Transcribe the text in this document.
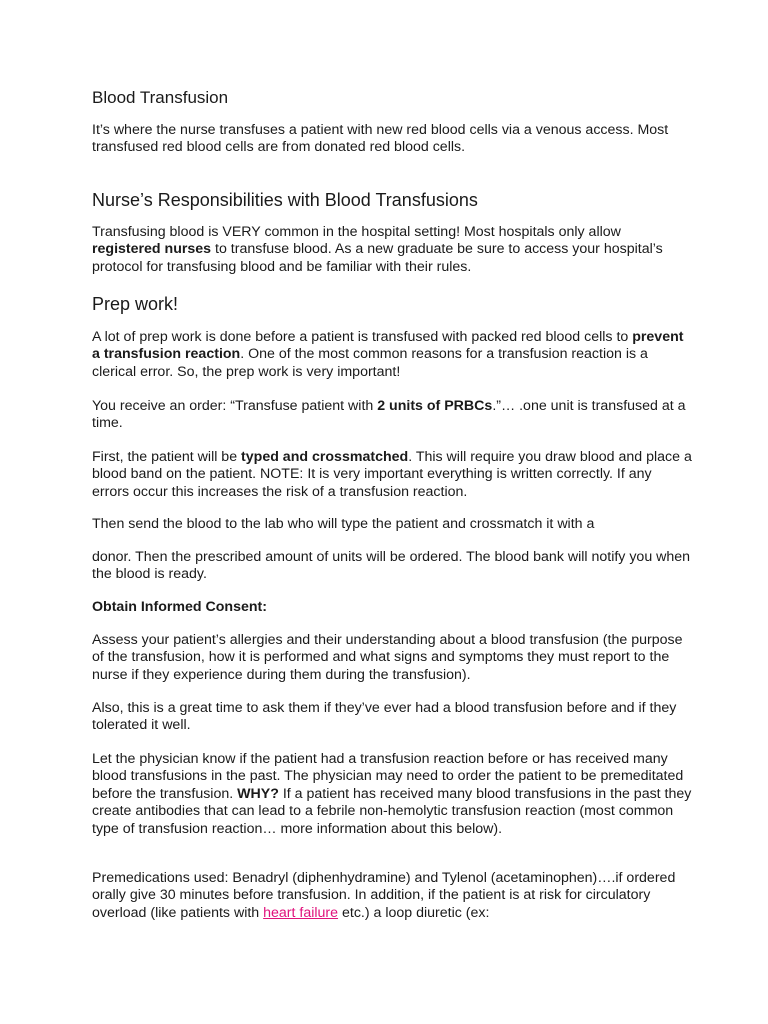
Blood Transfusion

It’s where the nurse transfuses a patient with new red blood cells via a venous access. Most transfused red blood cells are from donated red blood cells.

Nurse’s Responsibilities with Blood Transfusions

Transfusing blood is VERY common in the hospital setting! Most hospitals only allow registered nurses to transfuse blood. As a new graduate be sure to access your hospital’s protocol for transfusing blood and be familiar with their rules.

Prep work!

A lot of prep work is done before a patient is transfused with packed red blood cells to prevent a transfusion reaction. One of the most common reasons for a transfusion reaction is a clerical error. So, the prep work is very important!

You receive an order: “Transfuse patient with 2 units of PRBCs.”… .one unit is transfused at a time.

First, the patient will be typed and crossmatched. This will require you draw blood and place a blood band on the patient. NOTE: It is very important everything is written correctly. If any errors occur this increases the risk of a transfusion reaction.

Then send the blood to the lab who will type the patient and crossmatch it with a

donor. Then the prescribed amount of units will be ordered. The blood bank will notify you when the blood is ready.

Obtain Informed Consent:

Assess your patient’s allergies and their understanding about a blood transfusion (the purpose of the transfusion, how it is performed and what signs and symptoms they must report to the nurse if they experience during them during the transfusion).

Also, this is a great time to ask them if they’ve ever had a blood transfusion before and if they tolerated it well.

Let the physician know if the patient had a transfusion reaction before or has received many blood transfusions in the past. The physician may need to order the patient to be premeditated before the transfusion. WHY? If a patient has received many blood transfusions in the past they create antibodies that can lead to a febrile non-hemolytic transfusion reaction (most common type of transfusion reaction… more information about this below).

Premedications used: Benadryl (diphenhydramine) and Tylenol (acetaminophen)….if ordered orally give 30 minutes before transfusion. In addition, if the patient is at risk for circulatory overload (like patients with heart failure etc.) a loop diuretic (ex:
